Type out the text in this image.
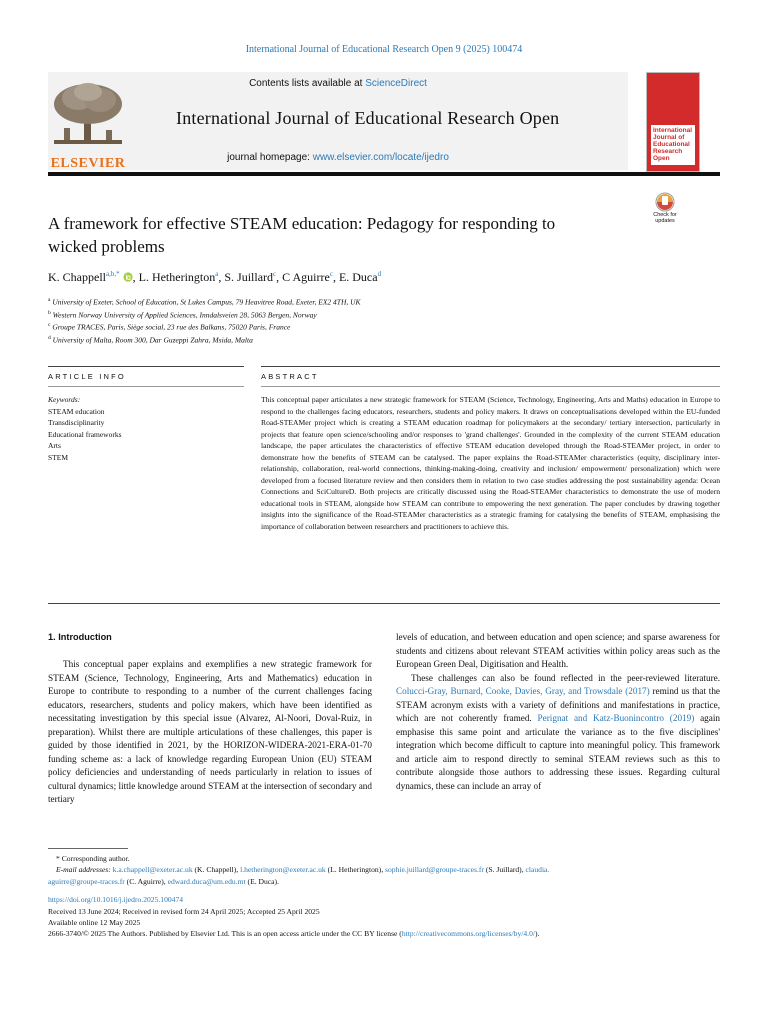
International Journal of Educational Research Open 9 (2025) 100474
ELSEVIER
Contents lists available at ScienceDirect
International Journal of Educational Research Open
journal homepage: www.elsevier.com/locate/ijedro
International Journal of Educational Research Open
A framework for effective STEAM education: Pedagogy for responding to
wicked problems
Check for updates
K. Chappell$^{a,b,*}$ , L. Hetherington$^a$, S. Juillard$^c$, C Aguirre$^c$, E. Duca$^d$
$^a$ University of Exeter, School of Education, St Lukes Campus, 79 Heavitree Road, Exeter, EX2 4TH, UK
$^b$ Western Norway University of Applied Sciences, Inndalsveien 28, 5063 Bergen, Norway
$^c$ Groupe TRACES, Paris, Siège social, 23 rue des Balkans, 75020 Paris, France
$^d$ University of Malta, Room 300, Dar Guzeppi Zahra, Msida, Malta
ARTICLE INFO	ABSTRACT
Keywords:
STEAM education
Transdisciplinarity
Educational frameworks
Arts
STEM
This conceptual paper articulates a new strategic framework for STEAM (Science, Technology, Engineering, Arts and Maths) education in Europe to respond to the challenges facing educators, researchers, students and policy makers. It draws on conceptualisations developed within the EU-funded Road-STEAMer project which is creating a STEAM education roadmap for policymakers at the secondary/ tertiary intersection, particularly in projects that feature open science/schooling and/or responses to 'grand challenges'. Grounded in the complexity of the current STEAM education landscape, the paper articulates the characteristics of effective STEAM education developed through the Road-STEAMer project, in order to demonstrate how the benefits of STEAM can be catalysed. The paper explains the Road-STEAMer characteristics (equity, disciplinary inter-relationship, collaboration, real-world connections, thinking-making-doing, creativity and inclusion/ empowerment/ personalization) which were developed from a focused literature review and then considers them in relation to two case studies addressing the post sustainability agenda: Ocean Connections and SciCultureD. Both projects are critically discussed using the Road-STEAMer characteristics to demonstrate the use of modern educational tools in STEAM, alongside how STEAM can contribute to empowering the next generation. The paper concludes by drawing together insights into the significance of the Road-STEAMer characteristics as a strategic framing for catalysing the benefits of STEAM, emphasising the importance of collaboration between researchers and practitioners to achieve this.

1. Introduction

This conceptual paper explains and exemplifies a new strategic framework for STEAM (Science, Technology, Engineering, Arts and Mathematics) education in Europe to contribute to responding to a number of the current challenges facing educators, researchers, students and policy makers, which have been identified as necessitating investigation by this special issue (Alvarez, Al-Noori, Doval-Ruiz, in preparation). Whilst there are multiple articulations of these challenges, this paper is guided by those identified in 2021, by the HORIZON-WIDERA-2021-ERA-01-70 funding scheme as: a lack of knowledge regarding European Union (EU) STEAM policy deficiencies and understanding of needs particularly in relation to issues of cultural dynamics; little knowledge around STEAM at the intersection of secondary and tertiary

levels of education, and between education and open science; and sparse awareness for students and citizens about relevant STEAM activities within policy areas such as the European Green Deal, Digitisation and Health.

These challenges can also be found reflected in the peer-reviewed literature. Colucci-Gray, Burnard, Cooke, Davies, Gray, and Trowsdale (2017) remind us that the STEAM acronym exists with a variety of definitions and manifestations in practice, which are not coherently framed. Perignat and Katz-Buonincontro (2019) again emphasise this same point and articulate the variance as to the five disciplines' integration which become difficult to capture into meaningful policy. This framework and article aim to respond directly to seminal STEAM reviews such as this to contribute alongside those authors to addressing these issues. Regarding cultural dynamics, these can include an array of

* Corresponding author.
E-mail addresses: k.a.chappell@exeter.ac.uk (K. Chappell), l.hetherington@exeter.ac.uk (L. Hetherington), sophie.juillard@groupe-traces.fr (S. Juillard), claudia.
aguirre@groupe-traces.fr (C. Aguirre), edward.duca@um.edu.mt (E. Duca).
https://doi.org/10.1016/j.ijedro.2025.100474
Received 13 June 2024; Received in revised form 24 April 2025; Accepted 25 April 2025
Available online 12 May 2025
2666-3740/© 2025 The Authors. Published by Elsevier Ltd. This is an open access article under the CC BY license (http://creativecommons.org/licenses/by/4.0/).
